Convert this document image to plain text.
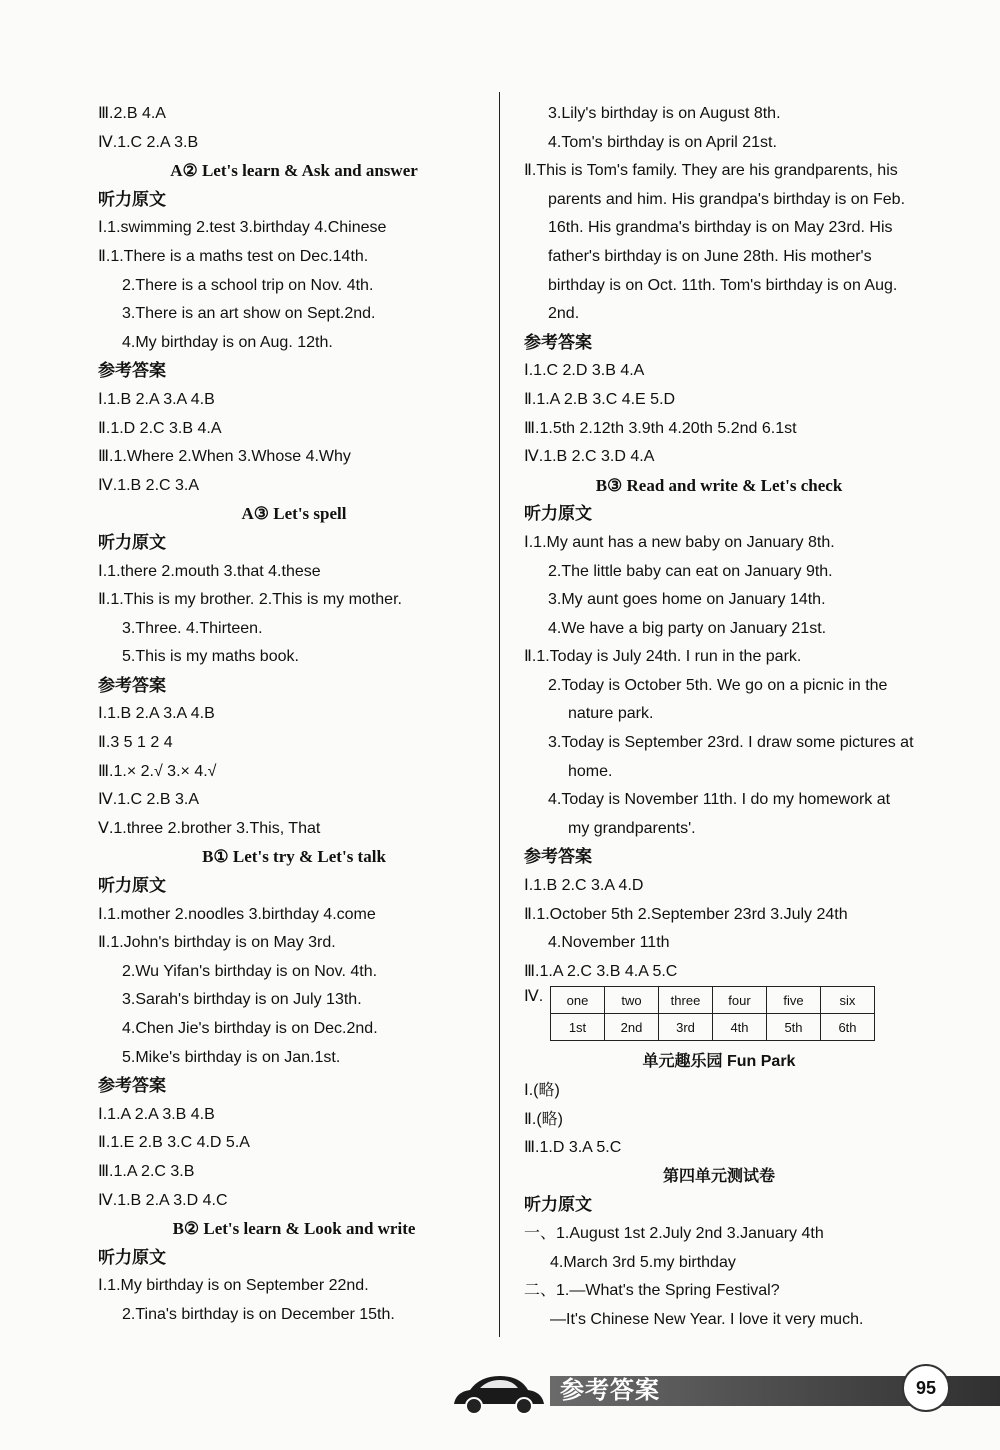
Ⅲ.2.B 4.A
Ⅳ.1.C 2.A 3.B
A② Let's learn & Ask and answer
听力原文
Ⅰ.1.swimming 2.test 3.birthday 4.Chinese
Ⅱ.1.There is a maths test on Dec.14th.
2.There is a school trip on Nov. 4th.
3.There is an art show on Sept.2nd.
4.My birthday is on Aug. 12th.
参考答案
Ⅰ.1.B 2.A 3.A 4.B
Ⅱ.1.D 2.C 3.B 4.A
Ⅲ.1.Where 2.When 3.Whose 4.Why
Ⅳ.1.B 2.C 3.A
A③ Let's spell
听力原文
Ⅰ.1.there 2.mouth 3.that 4.these
Ⅱ.1.This is my brother. 2.This is my mother.
3.Three. 4.Thirteen.
5.This is my maths book.
参考答案
Ⅰ.1.B 2.A 3.A 4.B
Ⅱ.3 5 1 2 4
Ⅲ.1.× 2.√ 3.× 4.√
Ⅳ.1.C 2.B 3.A
Ⅴ.1.three 2.brother 3.This, That
B① Let's try & Let's talk
听力原文
Ⅰ.1.mother 2.noodles 3.birthday 4.come
Ⅱ.1.John's birthday is on May 3rd.
2.Wu Yifan's birthday is on Nov. 4th.
3.Sarah's birthday is on July 13th.
4.Chen Jie's birthday is on Dec.2nd.
5.Mike's birthday is on Jan.1st.
参考答案
Ⅰ.1.A 2.A 3.B 4.B
Ⅱ.1.E 2.B 3.C 4.D 5.A
Ⅲ.1.A 2.C 3.B
Ⅳ.1.B 2.A 3.D 4.C
B② Let's learn & Look and write
听力原文
Ⅰ.1.My birthday is on September 22nd.
2.Tina's birthday is on December 15th.
3.Lily's birthday is on August 8th.
4.Tom's birthday is on April 21st.
Ⅱ.This is Tom's family. They are his grandparents, his parents and him. His grandpa's birthday is on Feb. 16th. His grandma's birthday is on May 23rd. His father's birthday is on June 28th. His mother's birthday is on Oct. 11th. Tom's birthday is on Aug. 2nd.
参考答案
Ⅰ.1.C 2.D 3.B 4.A
Ⅱ.1.A 2.B 3.C 4.E 5.D
Ⅲ.1.5th 2.12th 3.9th 4.20th 5.2nd 6.1st
Ⅳ.1.B 2.C 3.D 4.A
B③ Read and write & Let's check
听力原文
Ⅰ.1.My aunt has a new baby on January 8th.
2.The little baby can eat on January 9th.
3.My aunt goes home on January 14th.
4.We have a big party on January 21st.
Ⅱ.1.Today is July 24th. I run in the park.
2.Today is October 5th. We go on a picnic in the nature park.
3.Today is September 23rd. I draw some pictures at home.
4.Today is November 11th. I do my homework at my grandparents'.
参考答案
Ⅰ.1.B 2.C 3.A 4.D
Ⅱ.1.October 5th 2.September 23rd 3.July 24th
4.November 11th
Ⅲ.1.A 2.C 3.B 4.A 5.C
Ⅳ.	one	two	three	four	five	six
1st	2nd	3rd	4th	5th	6th
单元趣乐园 Fun Park
Ⅰ.(略)
Ⅱ.(略)
Ⅲ.1.D 3.A 5.C
第四单元测试卷
听力原文
一、1.August 1st 2.July 2nd 3.January 4th
4.March 3rd 5.my birthday
二、1.—What's the Spring Festival?
—It's Chinese New Year. I love it very much.
参考答案	95
